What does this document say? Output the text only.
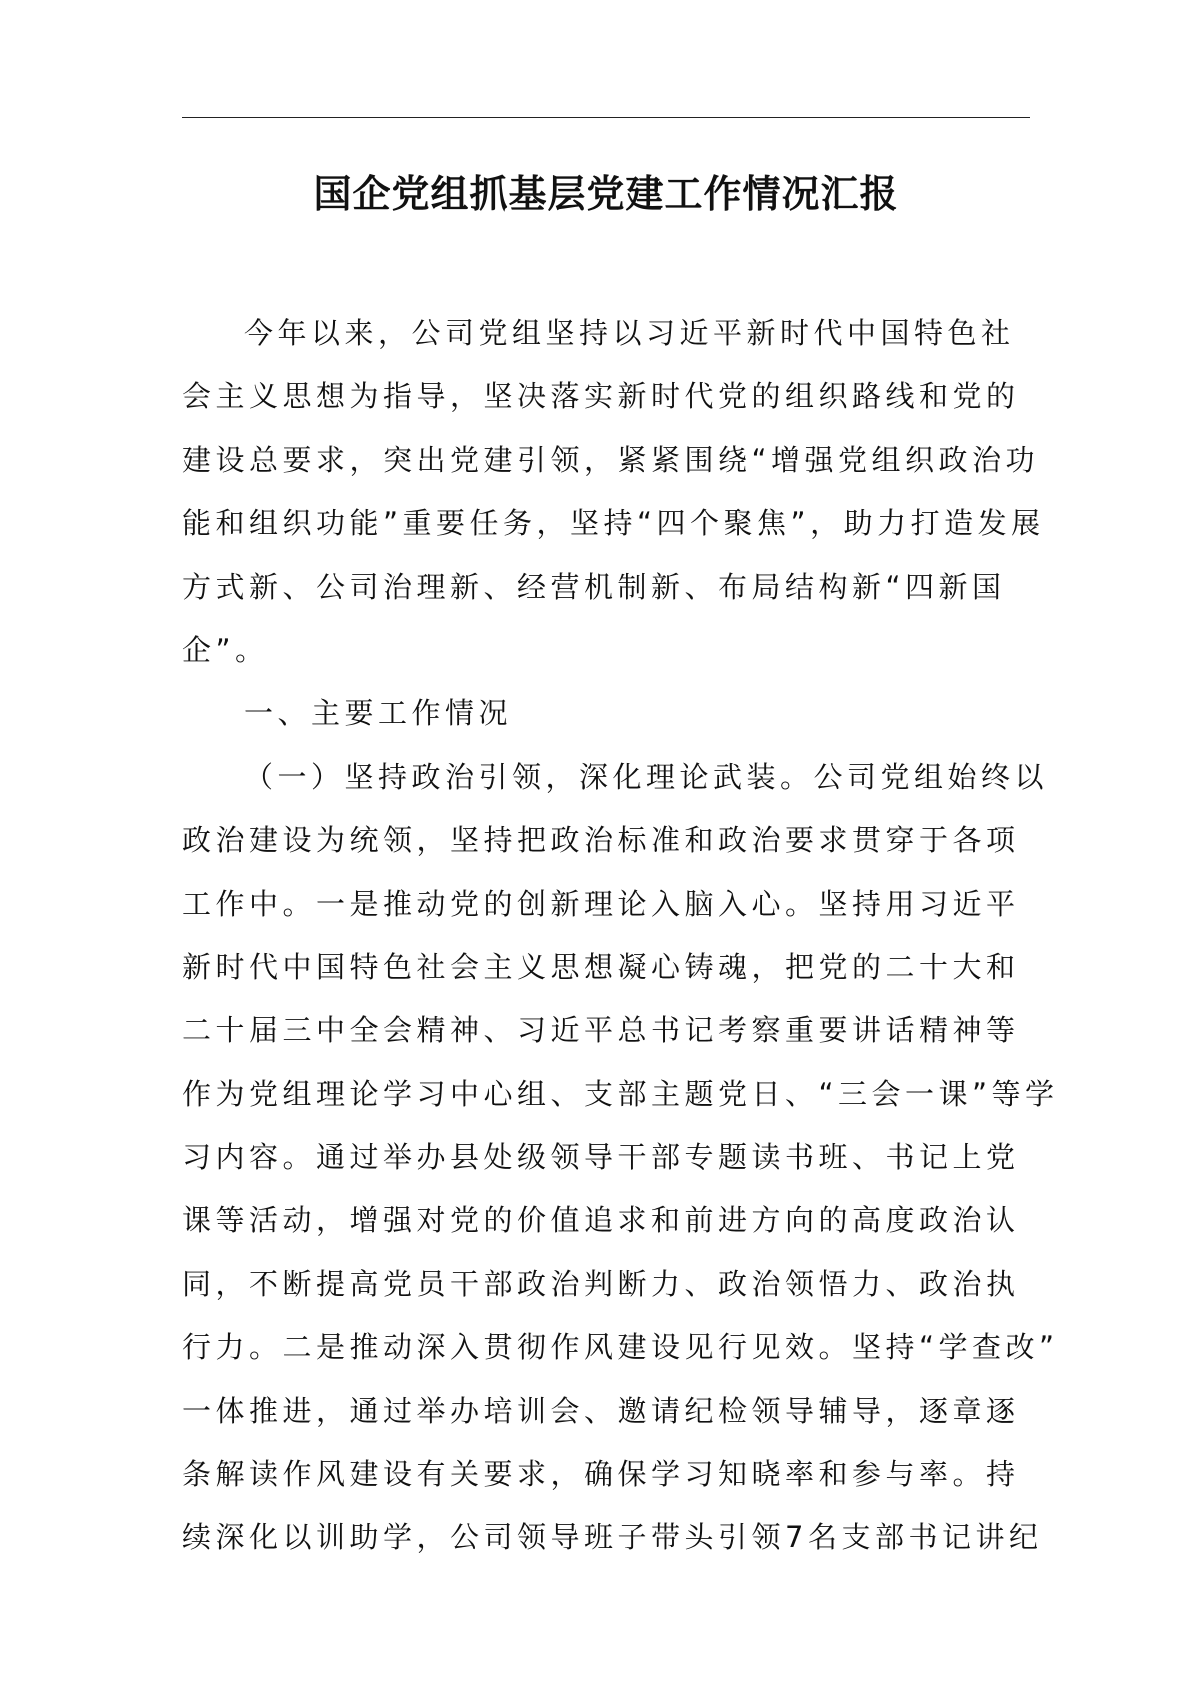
国企党组抓基层党建工作情况汇报

今年以来，公司党组坚持以习近平新时代中国特色社

会主义思想为指导，坚决落实新时代党的组织路线和党的

建设总要求，突出党建引领，紧紧围绕“增强党组织政治功

能和组织功能”重要任务，坚持“四个聚焦”，助力打造发展

方式新、公司治理新、经营机制新、布局结构新“四新国

企”。

一、主要工作情况

（一）坚持政治引领，深化理论武装。公司党组始终以

政治建设为统领，坚持把政治标准和政治要求贯穿于各项

工作中。一是推动党的创新理论入脑入心。坚持用习近平

新时代中国特色社会主义思想凝心铸魂，把党的二十大和

二十届三中全会精神、习近平总书记考察重要讲话精神等

作为党组理论学习中心组、支部主题党日、“三会一课”等学

习内容。通过举办县处级领导干部专题读书班、书记上党

课等活动，增强对党的价值追求和前进方向的高度政治认

同，不断提高党员干部政治判断力、政治领悟力、政治执

行力。二是推动深入贯彻作风建设见行见效。坚持“学查改”

一体推进，通过举办培训会、邀请纪检领导辅导，逐章逐

条解读作风建设有关要求，确保学习知晓率和参与率。持

续深化以训助学，公司领导班子带头引领7名支部书记讲纪
